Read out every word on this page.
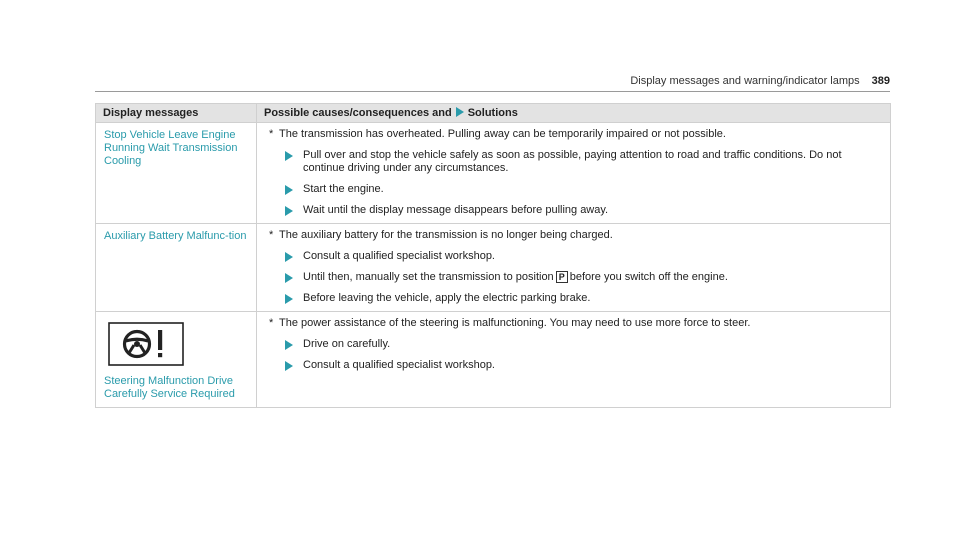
Display messages and warning/indicator lamps 389
Display messages	Possible causes/consequences and Solutions

Stop Vehicle Leave Engine Running Wait Transmission Cooling	* The transmission has overheated. Pulling away can be temporarily impaired or not possible.
Pull over and stop the vehicle safely as soon as possible, paying attention to road and traffic conditions. Do not continue driving under any circumstances.
Start the engine.
Wait until the display message disappears before pulling away.

Auxiliary Battery Malfunc-tion	* The auxiliary battery for the transmission is no longer being charged.
Consult a qualified specialist workshop.
Until then, manually set the transmission to position P before you switch off the engine.
Before leaving the vehicle, apply the electric parking brake.

Steering Malfunction Drive Carefully Service Required	* The power assistance of the steering is malfunctioning. You may need to use more force to steer.
Drive on carefully.
Consult a qualified specialist workshop.
